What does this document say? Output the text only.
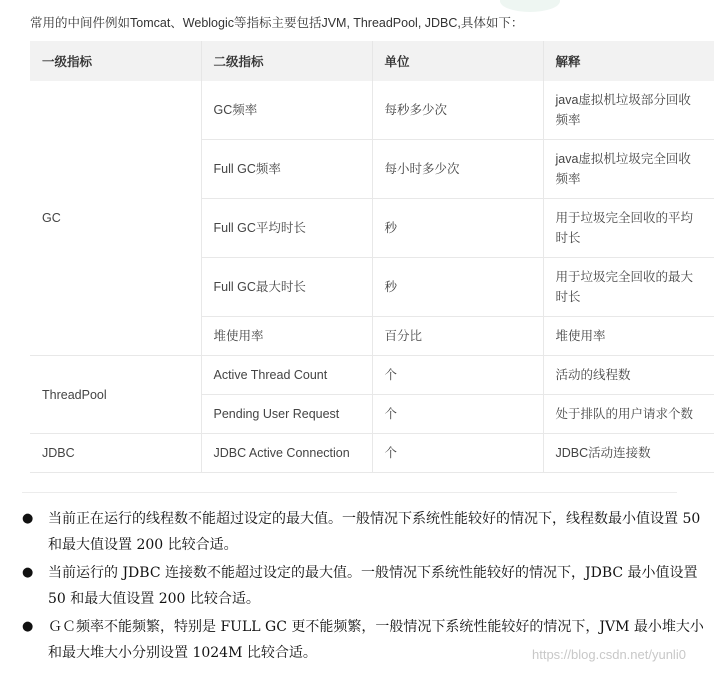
常用的中间件例如Tomcat、Weblogic等指标主要包括JVM, ThreadPool, JDBC,具体如下：
一级指标	二级指标	单位	解释
GC	GC频率	每秒多少次	java虚拟机垃圾部分回收频率
	Full GC频率	每小时多少次	java虚拟机垃圾完全回收频率
	Full GC平均时长	秒	用于垃圾完全回收的平均时长
	Full GC最大时长	秒	用于垃圾完全回收的最大时长
	堆使用率	百分比	堆使用率
ThreadPool	Active Thread Count	个	活动的线程数
	Pending User Request	个	处于排队的用户请求个数
JDBC	JDBC Active Connection	个	JDBC活动连接数
● 当前正在运行的线程数不能超过设定的最大值。一般情况下系统性能较好的情况下，线程数最小值设置 50 和最大值设置 200 比较合适。
● 当前运行的 JDBC 连接数不能超过设定的最大值。一般情况下系统性能较好的情况下，JDBC 最小值设置 50 和最大值设置 200 比较合适。
● ＧＣ频率不能频繁，特别是 FULL GC 更不能频繁，一般情况下系统性能较好的情况下，JVM 最小堆大小和最大堆大小分别设置 1024M 比较合适。	https://blog.csdn.net/yunli0
